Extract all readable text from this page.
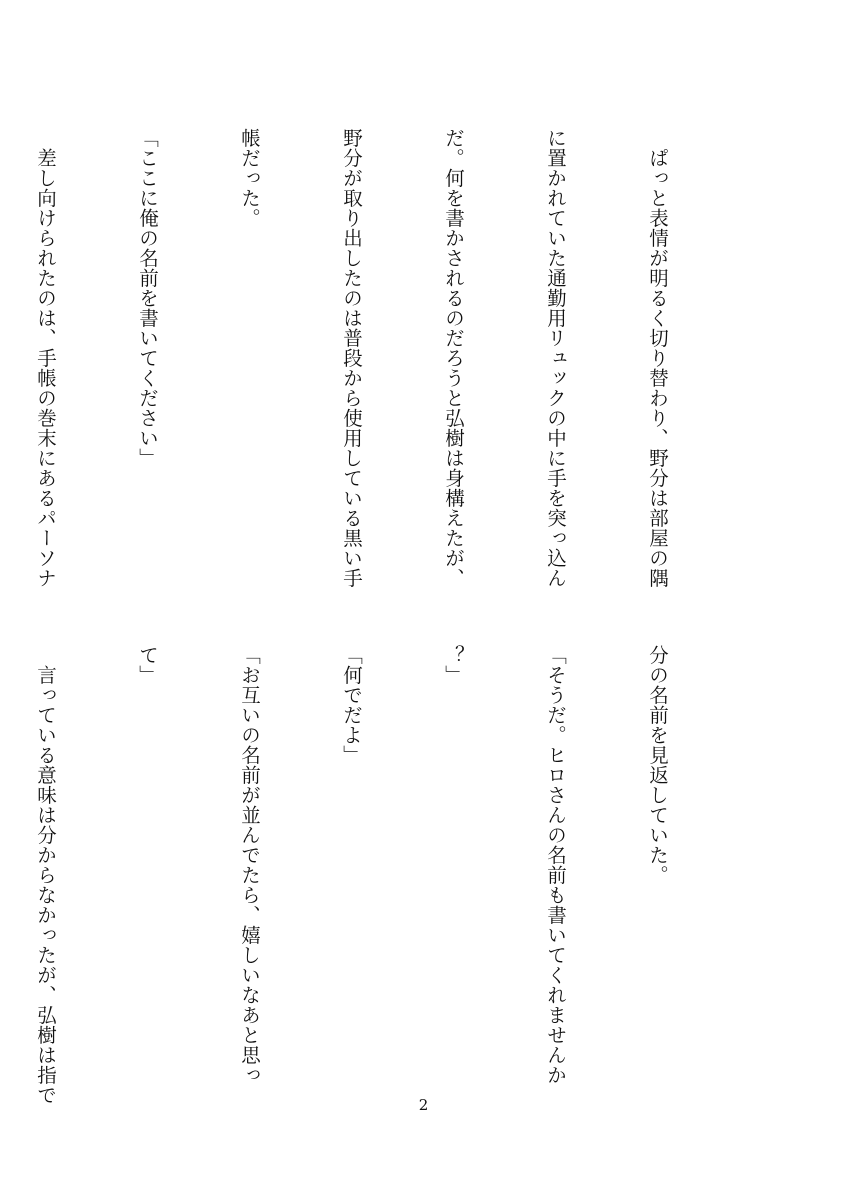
　ぱっと表情が明るく切り替わり、野分は部屋の隅

に置かれていた通勤用リュックの中に手を突っ込ん

だ。何を書かされるのだろうと弘樹は身構えたが、

野分が取り出したのは普段から使用している黒い手

帳だった。

「ここに俺の名前を書いてください」

　差し向けられたのは、手帳の巻末にあるパーソナ

分の名前を見返していた。

「そうだ。ヒロさんの名前も書いてくれませんか

？」

「何でだよ」

「お互いの名前が並んでたら、嬉しいなあと思っ

て」

　言っている意味は分からなかったが、弘樹は指で

	2
